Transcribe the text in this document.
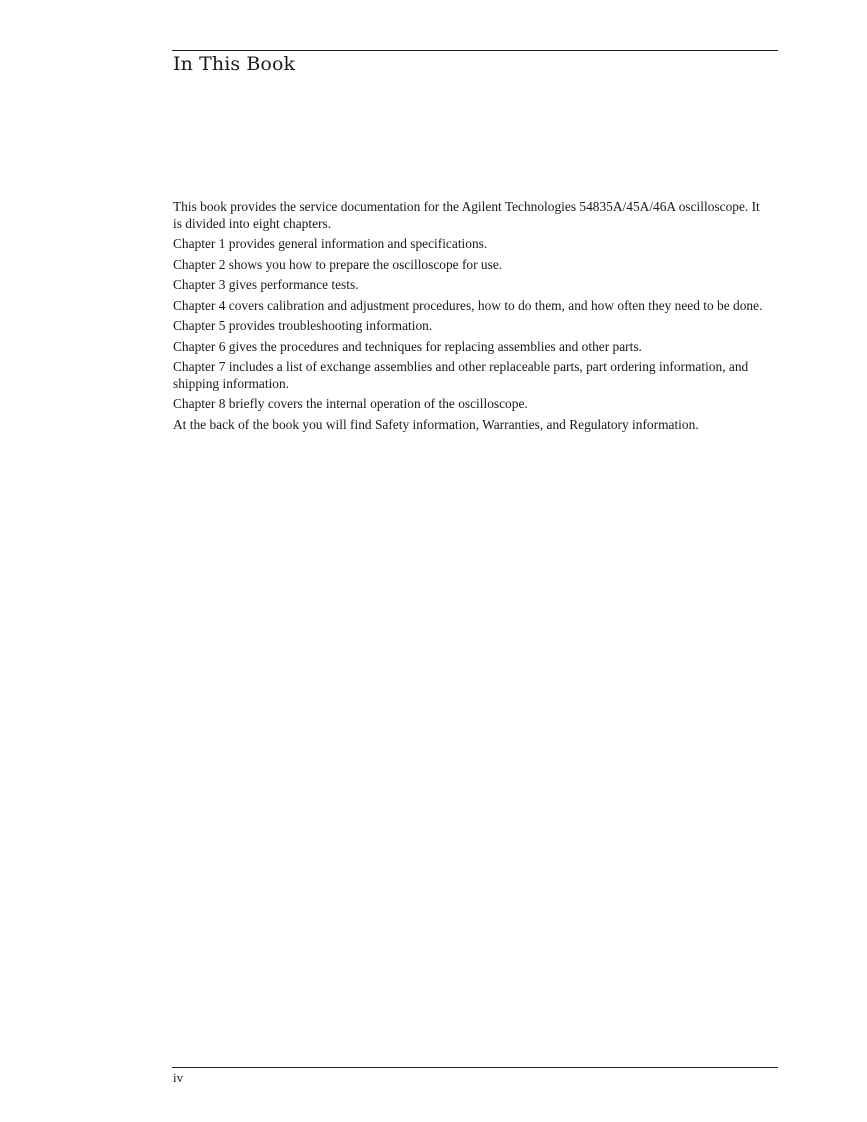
In This Book

This book provides the service documentation for the Agilent Technologies 54835A/45A/46A oscilloscope. It is divided into eight chapters.

Chapter 1 provides general information and specifications.

Chapter 2 shows you how to prepare the oscilloscope for use.

Chapter 3 gives performance tests.

Chapter 4 covers calibration and adjustment procedures, how to do them, and how often they need to be done.

Chapter 5 provides troubleshooting information.

Chapter 6 gives the procedures and techniques for replacing assemblies and other parts.

Chapter 7 includes a list of exchange assemblies and other replaceable parts, part ordering information, and shipping information.

Chapter 8 briefly covers the internal operation of the oscilloscope.

At the back of the book you will find Safety information, Warranties, and Regulatory information.

iv
